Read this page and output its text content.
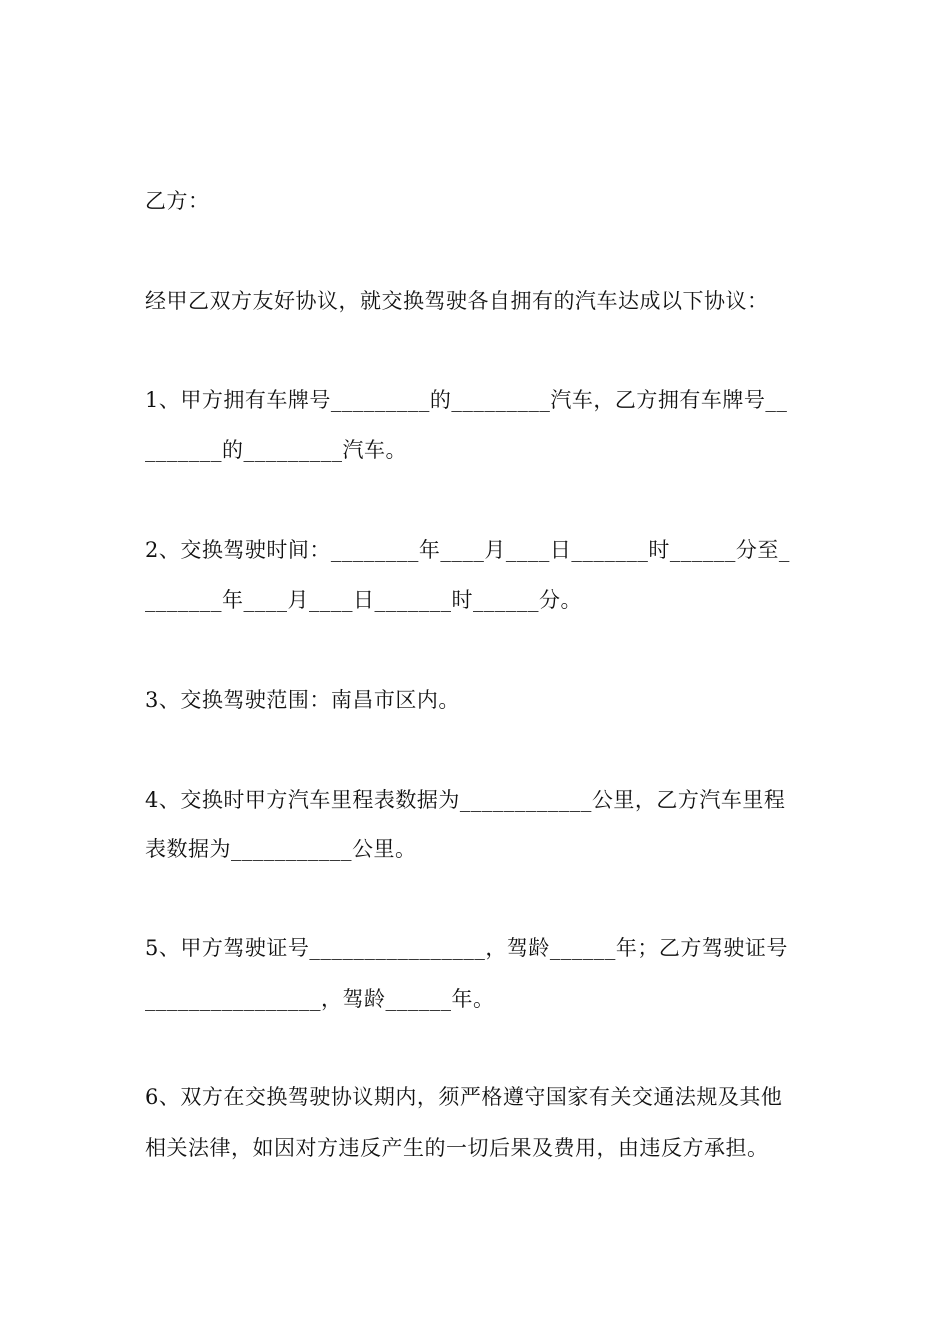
乙方：
经甲乙双方友好协议，就交换驾驶各自拥有的汽车达成以下协议：
1、甲方拥有车牌号_________的_________汽车，乙方拥有车牌号__
_______的_________汽车。
2、交换驾驶时间：________年____月____日_______时______分至_
_______年____月____日_______时______分。
3、交换驾驶范围：南昌市区内。
4、交换时甲方汽车里程表数据为____________公里，乙方汽车里程
表数据为___________公里。
5、甲方驾驶证号________________，驾龄______年；乙方驾驶证号
________________，驾龄______年。
6、双方在交换驾驶协议期内，须严格遵守国家有关交通法规及其他
相关法律，如因对方违反产生的一切后果及费用，由违反方承担。
